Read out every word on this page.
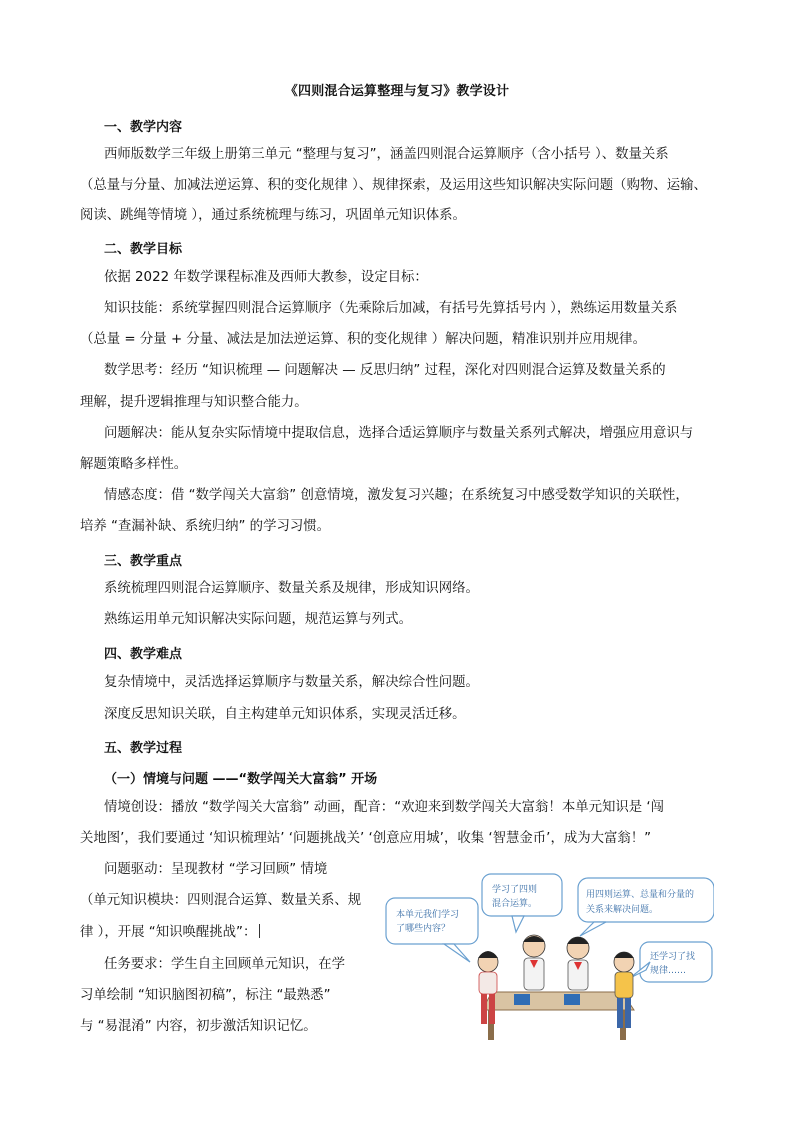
《四则混合运算整理与复习》教学设计
一、教学内容
西师版数学三年级上册第三单元 “整理与复习”，涵盖四则混合运算顺序（含小括号 ）、数量关系
（总量与分量、加减法逆运算、积的变化规律 ）、规律探索，及运用这些知识解决实际问题（购物、运输、
阅读、跳绳等情境 ），通过系统梳理与练习，巩固单元知识体系。
二、教学目标
依据 2022 年数学课程标准及西师大教参，设定目标：
知识技能：系统掌握四则混合运算顺序（先乘除后加减，有括号先算括号内 ），熟练运用数量关系
（总量 = 分量 + 分量、减法是加法逆运算、积的变化规律 ）解决问题，精准识别并应用规律。
数学思考：经历 “知识梳理 — 问题解决 — 反思归纳” 过程，深化对四则混合运算及数量关系的
理解，提升逻辑推理与知识整合能力。
问题解决：能从复杂实际情境中提取信息，选择合适运算顺序与数量关系列式解决，增强应用意识与
解题策略多样性。
情感态度：借 “数学闯关大富翁” 创意情境，激发复习兴趣；在系统复习中感受数学知识的关联性，
培养 “查漏补缺、系统归纳” 的学习习惯。
三、教学重点
系统梳理四则混合运算顺序、数量关系及规律，形成知识网络。
熟练运用单元知识解决实际问题，规范运算与列式。
四、教学难点
复杂情境中，灵活选择运算顺序与数量关系，解决综合性问题。
深度反思知识关联，自主构建单元知识体系，实现灵活迁移。
五、教学过程
（一）情境与问题 ——“数学闯关大富翁” 开场
情境创设：播放 “数学闯关大富翁” 动画，配音：“欢迎来到数学闯关大富翁！本单元知识是 ‘闯
关地图’，我们要通过 ‘知识梳理站’ ‘问题挑战关’ ‘创意应用城’，收集 ‘智慧金币’，成为大富翁！”
问题驱动：呈现教材 “学习回顾” 情境
（单元知识模块：四则混合运算、数量关系、规
律 ），开展 “知识唤醒挑战”：
任务要求：学生自主回顾单元知识，在学
习单绘制 “知识脑图初稿”，标注 “最熟悉”
与 “易混淆” 内容，初步激活知识记忆。
本单元我们学习
了哪些内容？
学习了四则
混合运算。
用四则运算、总量和分量的
关系来解决问题。
还学习了找
规律……
